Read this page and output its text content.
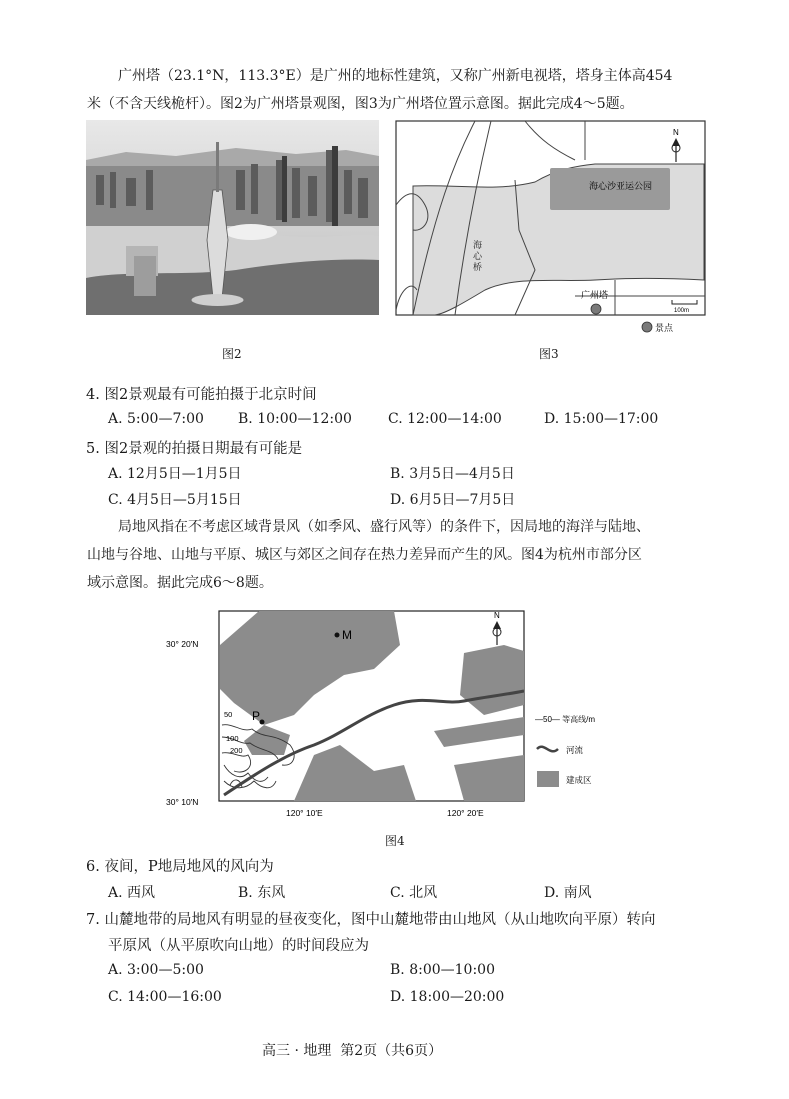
广州塔（23.1°N，113.3°E）是广州的地标性建筑，又称广州新电视塔，塔身主体高454
米（不含天线桅杆）。图2为广州塔景观图，图3为广州塔位置示意图。据此完成4～5题。
图2
N
海心沙亚运公园
100m
景点
广州塔
海心桥
图3
4. 图2景观最有可能拍摄于北京时间
A. 5:00—7:00 B. 10:00—12:00	C. 12:00—14:00	D. 15:00—17:00
5. 图2景观的拍摄日期最有可能是
A. 12月5日—1月5日	B. 3月5日—4月5日
C. 4月5日—5月15日	D. 6月5日—7月5日
局地风指在不考虑区域背景风（如季风、盛行风等）的条件下，因局地的海洋与陆地、
山地与谷地、山地与平原、城区与郊区之间存在热力差异而产生的风。图4为杭州市部分区
域示意图。据此完成6～8题。
30° 20′N
30° 10′N
120° 10′E	120° 20′E
M
P
N
50
100
200
—50— 等高线/m
河流
建成区
图4
6. 夜间，P地局地风的风向为
A. 西风	B. 东风	C. 北风	D. 南风
7. 山麓地带的局地风有明显的昼夜变化，图中山麓地带由山地风（从山地吹向平原）转向
平原风（从平原吹向山地）的时间段应为
A. 3:00—5:00	B. 8:00—10:00
C. 14:00—16:00	D. 18:00—20:00
高三 · 地理  第2页（共6页）
